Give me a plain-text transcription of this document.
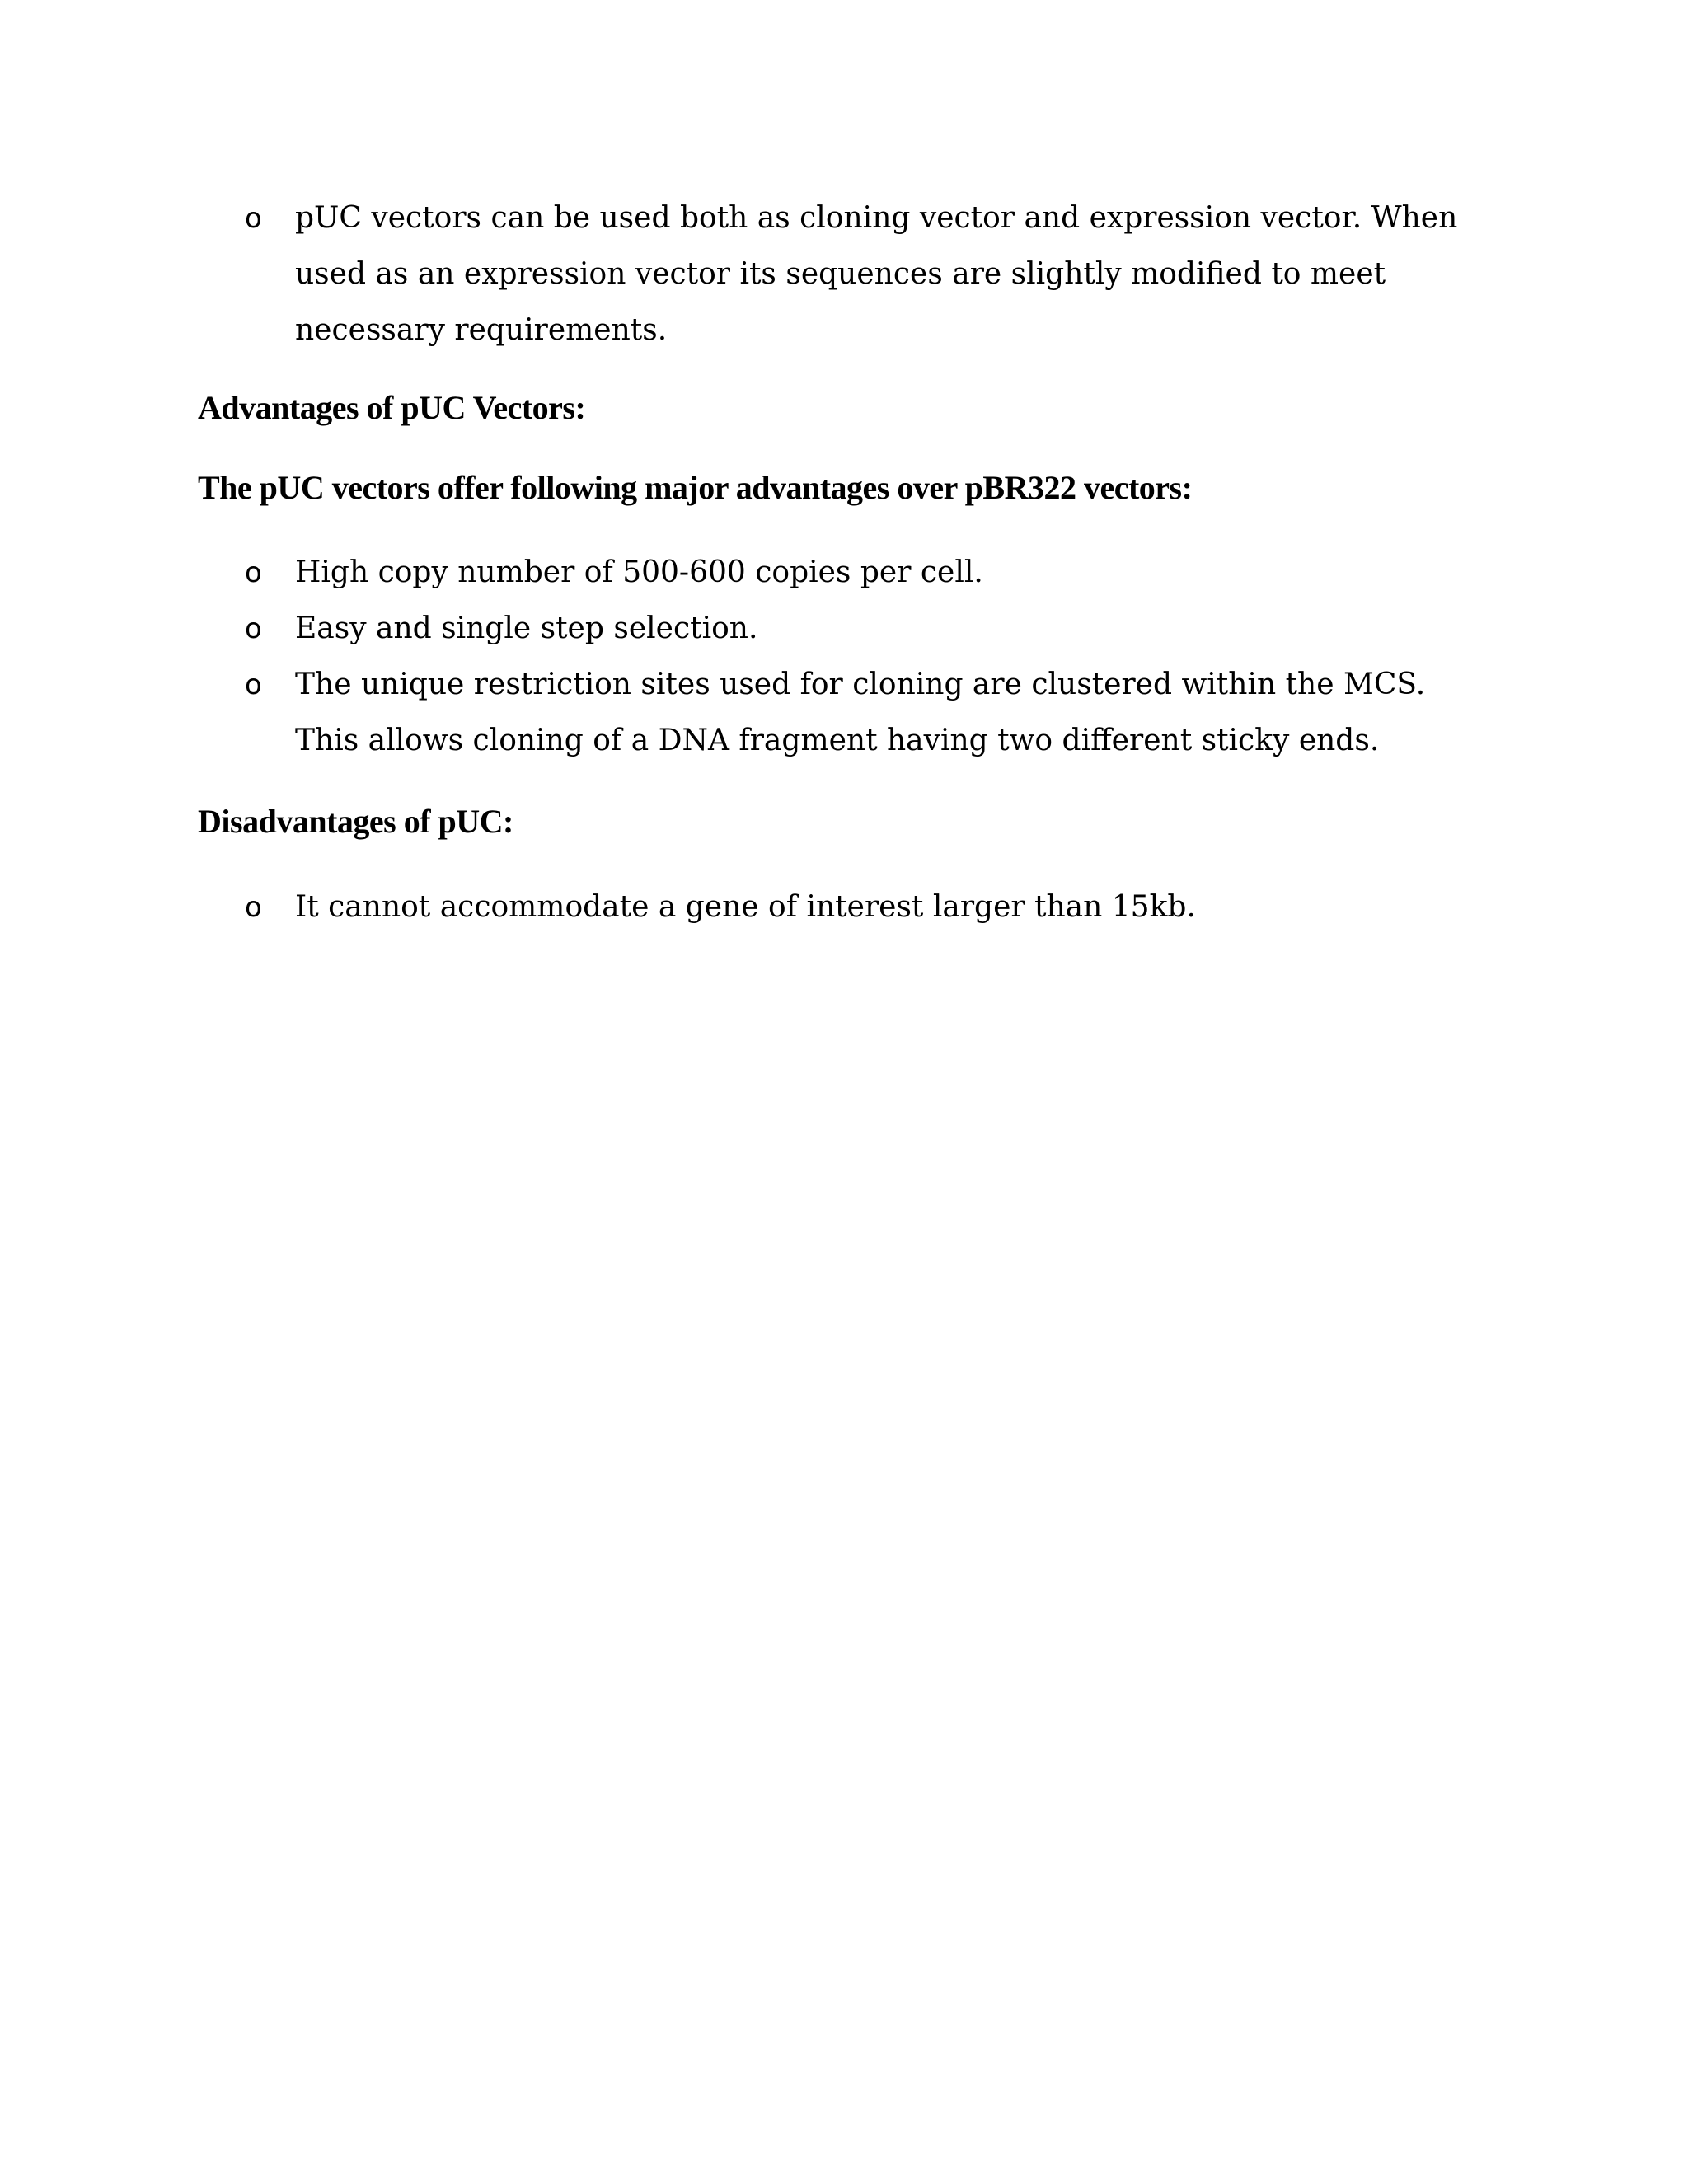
o pUC vectors can be used both as cloning vector and expression vector. When used as an expression vector its sequences are slightly modified to meet necessary requirements.
Advantages of pUC Vectors:

The pUC vectors offer following major advantages over pBR322 vectors:

o High copy number of 500-600 copies per cell.
o Easy and single step selection.
o The unique restriction sites used for cloning are clustered within the MCS. This allows cloning of a DNA fragment having two different sticky ends.
Disadvantages of pUC:
o It cannot accommodate a gene of interest larger than 15kb.
